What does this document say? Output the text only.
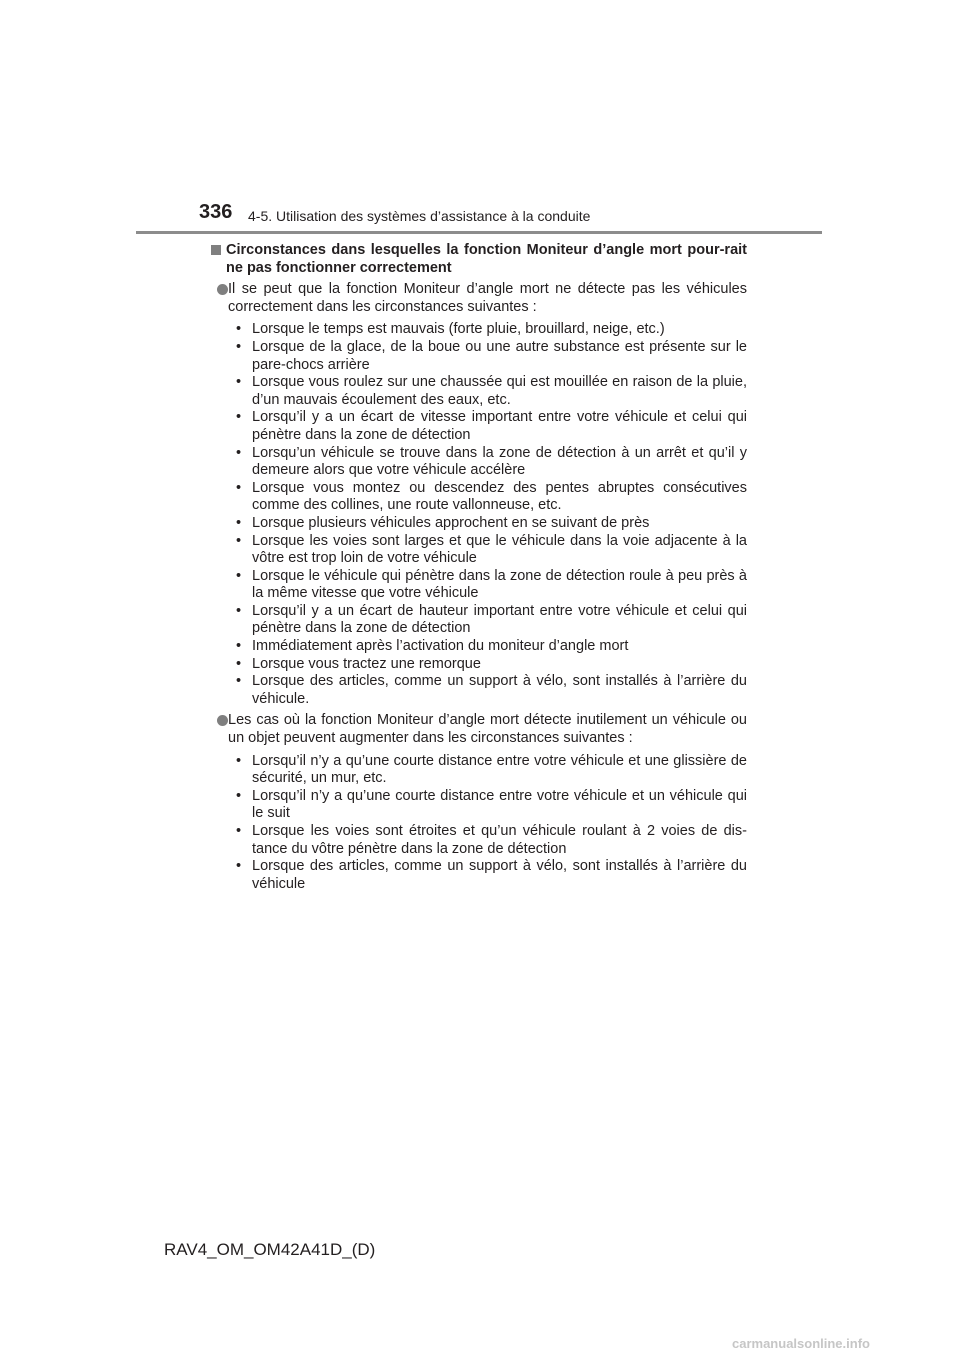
336 4-5. Utilisation des systèmes d’assistance à la conduite
Circonstances dans lesquelles la fonction Moniteur d’angle mort pour-rait ne pas fonctionner correctement
Il se peut que la fonction Moniteur d’angle mort ne détecte pas les véhicules correctement dans les circonstances suivantes :
• Lorsque le temps est mauvais (forte pluie, brouillard, neige, etc.)
• Lorsque de la glace, de la boue ou une autre substance est présente sur le pare-chocs arrière
• Lorsque vous roulez sur une chaussée qui est mouillée en raison de la pluie, d’un mauvais écoulement des eaux, etc.
• Lorsqu’il y a un écart de vitesse important entre votre véhicule et celui qui pénètre dans la zone de détection
• Lorsqu’un véhicule se trouve dans la zone de détection à un arrêt et qu’il y demeure alors que votre véhicule accélère
• Lorsque vous montez ou descendez des pentes abruptes consécutives comme des collines, une route vallonneuse, etc.
• Lorsque plusieurs véhicules approchent en se suivant de près
• Lorsque les voies sont larges et que le véhicule dans la voie adjacente à la vôtre est trop loin de votre véhicule
• Lorsque le véhicule qui pénètre dans la zone de détection roule à peu près à la même vitesse que votre véhicule
• Lorsqu’il y a un écart de hauteur important entre votre véhicule et celui qui pénètre dans la zone de détection
• Immédiatement après l’activation du moniteur d’angle mort
• Lorsque vous tractez une remorque
• Lorsque des articles, comme un support à vélo, sont installés à l’arrière du véhicule.
Les cas où la fonction Moniteur d’angle mort détecte inutilement un véhicule ou un objet peuvent augmenter dans les circonstances suivantes :
• Lorsqu’il n’y a qu’une courte distance entre votre véhicule et une glissière de sécurité, un mur, etc.
• Lorsqu’il n’y a qu’une courte distance entre votre véhicule et un véhicule qui le suit
• Lorsque les voies sont étroites et qu’un véhicule roulant à 2 voies de dis-tance du vôtre pénètre dans la zone de détection
• Lorsque des articles, comme un support à vélo, sont installés à l’arrière du véhicule
RAV4_OM_OM42A41D_(D)
carmanualsonline.info
